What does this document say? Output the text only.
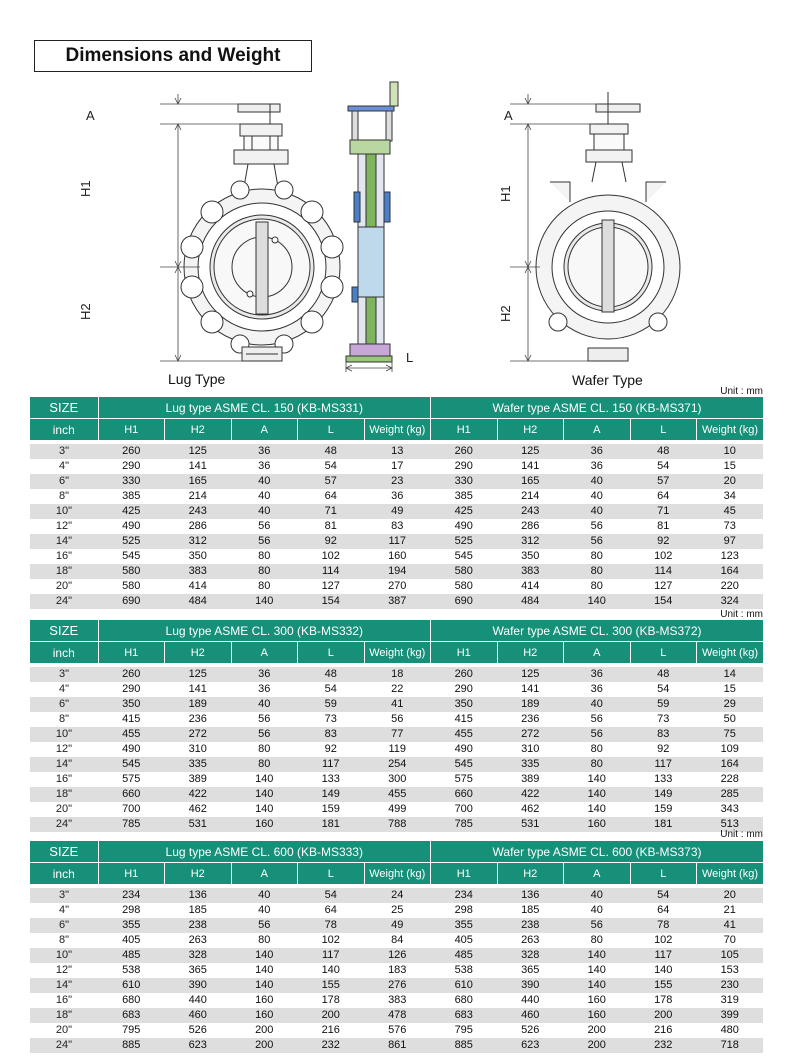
Dimensions and Weight
A
H1
H2
L
A
H1
H2
Lug Type	Wafer Type
Unit : mm
SIZE	Lug type ASME CL. 150 (KB-MS331)					Wafer type ASME CL. 150 (KB-MS371)				
inch	H1	H2	A	L	Weight (kg)	H1	H2	A	L	Weight (kg)

3"	260	125	36	48	13	260	125	36	48	10
4"	290	141	36	54	17	290	141	36	54	15
6"	330	165	40	57	23	330	165	40	57	20
8"	385	214	40	64	36	385	214	40	64	34
10"	425	243	40	71	49	425	243	40	71	45
12"	490	286	56	81	83	490	286	56	81	73
14"	525	312	56	92	117	525	312	56	92	97
16"	545	350	80	102	160	545	350	80	102	123
18"	580	383	80	114	194	580	383	80	114	164
20"	580	414	80	127	270	580	414	80	127	220
24"	690	484	140	154	387	690	484	140	154	324
Unit : mm
SIZE	Lug type ASME CL. 300 (KB-MS332)					Wafer type ASME CL. 300 (KB-MS372)				
inch	H1	H2	A	L	Weight (kg)	H1	H2	A	L	Weight (kg)

3"	260	125	36	48	18	260	125	36	48	14
4"	290	141	36	54	22	290	141	36	54	15
6"	350	189	40	59	41	350	189	40	59	29
8"	415	236	56	73	56	415	236	56	73	50
10"	455	272	56	83	77	455	272	56	83	75
12"	490	310	80	92	119	490	310	80	92	109
14"	545	335	80	117	254	545	335	80	117	164
16"	575	389	140	133	300	575	389	140	133	228
18"	660	422	140	149	455	660	422	140	149	285
20"	700	462	140	159	499	700	462	140	159	343
24"	785	531	160	181	788	785	531	160	181	513
Unit : mm
SIZE	Lug type ASME CL. 600 (KB-MS333)					Wafer type ASME CL. 600 (KB-MS373)				
inch	H1	H2	A	L	Weight (kg)	H1	H2	A	L	Weight (kg)

3"	234	136	40	54	24	234	136	40	54	20
4"	298	185	40	64	25	298	185	40	64	21
6"	355	238	56	78	49	355	238	56	78	41
8"	405	263	80	102	84	405	263	80	102	70
10"	485	328	140	117	126	485	328	140	117	105
12"	538	365	140	140	183	538	365	140	140	153
14"	610	390	140	155	276	610	390	140	155	230
16"	680	440	160	178	383	680	440	160	178	319
18"	683	460	160	200	478	683	460	160	200	399
20"	795	526	200	216	576	795	526	200	216	480
24"	885	623	200	232	861	885	623	200	232	718
